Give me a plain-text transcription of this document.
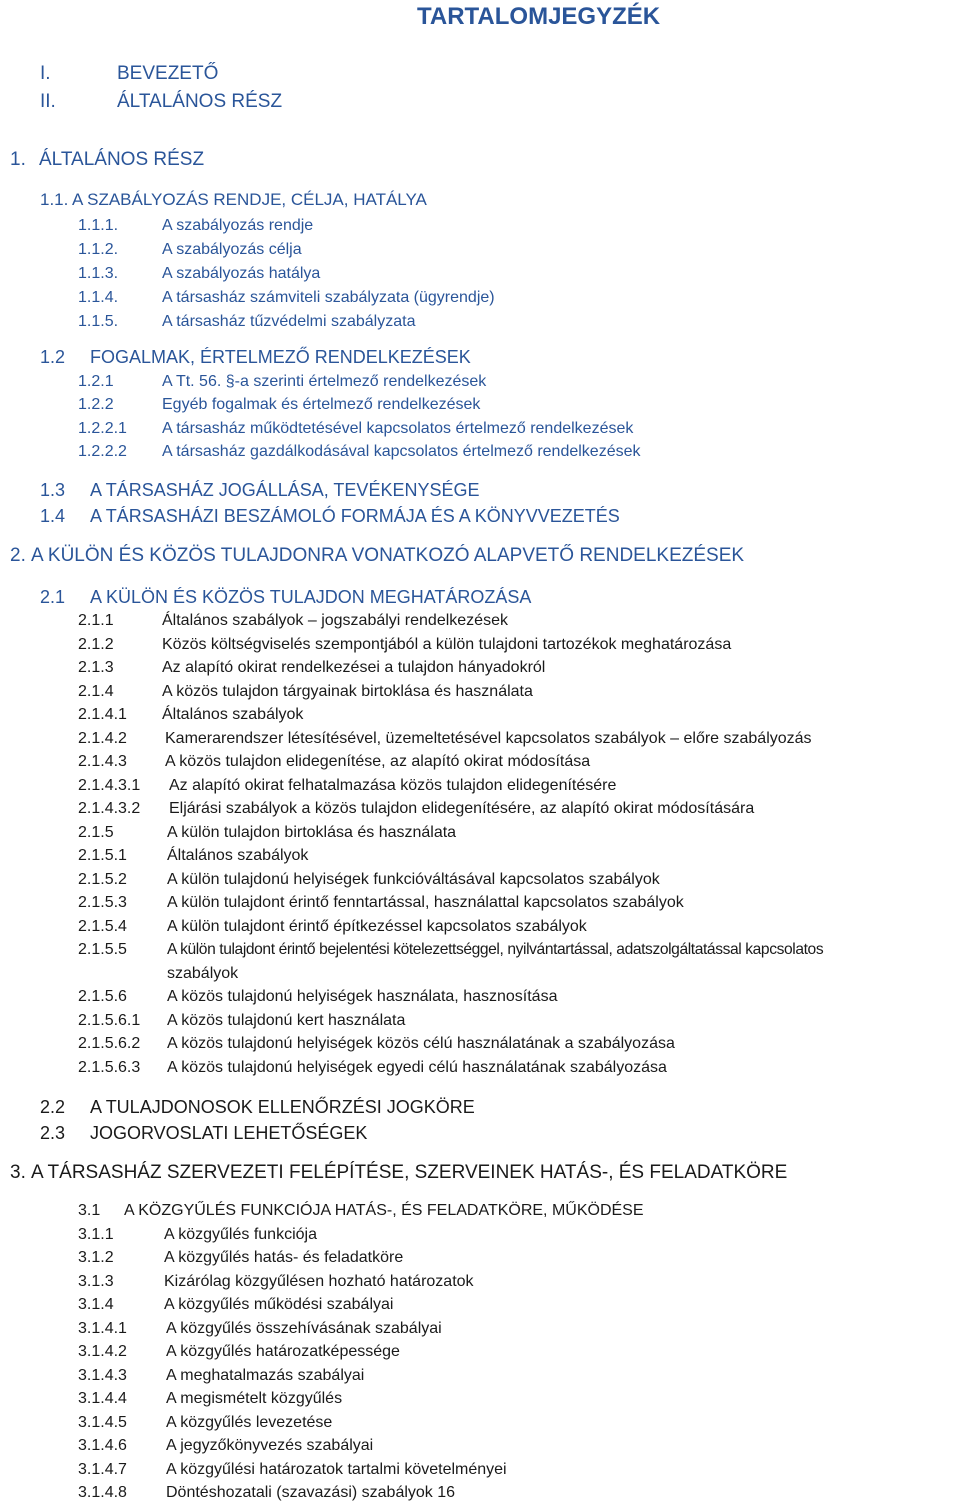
TARTALOMJEGYZÉK
I.	BEVEZETŐ
II.	ÁLTALÁNOS RÉSZ
1. ÁLTALÁNOS RÉSZ
1.1. A SZABÁLYOZÁS RENDJE, CÉLJA, HATÁLYA
1.1.1.	A szabályozás rendje
1.1.2.	A szabályozás célja
1.1.3.	A szabályozás hatálya
1.1.4.	A társasház számviteli szabályzata (ügyrendje)
1.1.5.	A társasház tűzvédelmi szabályzata
1.2 FOGALMAK, ÉRTELMEZŐ RENDELKEZÉSEK
1.2.1	A Tt. 56. §-a szerinti értelmező rendelkezések
1.2.2	Egyéb fogalmak és értelmező rendelkezések
1.2.2.1 A társasház működtetésével kapcsolatos értelmező rendelkezések
1.2.2.2 A társasház gazdálkodásával kapcsolatos értelmező rendelkezések
1.3 A TÁRSASHÁZ JOGÁLLÁSA, TEVÉKENYSÉGE
1.4 A TÁRSASHÁZI BESZÁMOLÓ FORMÁJA ÉS A KÖNYVVEZETÉS
2. A KÜLÖN ÉS KÖZÖS TULAJDONRA VONATKOZÓ ALAPVETŐ RENDELKEZÉSEK
2.1 A KÜLÖN ÉS KÖZÖS TULAJDON MEGHATÁROZÁSA
2.1.1	Általános szabályok – jogszabályi rendelkezések
2.1.2	Közös költségviselés szempontjából a külön tulajdoni tartozékok meghatározása
2.1.3	Az alapító okirat rendelkezései a tulajdon hányadokról
2.1.4	A közös tulajdon tárgyainak birtoklása és használata
2.1.4.1 Általános szabályok
2.1.4.2 Kamerarendszer létesítésével, üzemeltetésével kapcsolatos szabályok – előre szabályozás
2.1.4.3 A közös tulajdon elidegenítése, az alapító okirat módosítása
2.1.4.3.1 Az alapító okirat felhatalmazása közös tulajdon elidegenítésére
2.1.4.3.2 Eljárási szabályok a közös tulajdon elidegenítésére, az alapító okirat módosítására
2.1.5	A külön tulajdon birtoklása és használata
2.1.5.1	Általános szabályok
2.1.5.2	A külön tulajdonú helyiségek funkcióváltásával kapcsolatos szabályok
2.1.5.3	A külön tulajdont érintő fenntartással, használattal kapcsolatos szabályok
2.1.5.4	A külön tulajdont érintő építkezéssel kapcsolatos szabályok
2.1.5.5	A külön tulajdont érintő bejelentési kötelezettséggel, nyilvántartással, adatszolgáltatással kapcsolatos
szabályok
2.1.5.6	A közös tulajdonú helyiségek használata, hasznosítása
2.1.5.6.1 A közös tulajdonú kert használata
2.1.5.6.2 A közös tulajdonú helyiségek közös célú használatának a szabályozása
2.1.5.6.3 A közös tulajdonú helyiségek egyedi célú használatának szabályozása
2.2 A TULAJDONOSOK ELLENŐRZÉSI JOGKÖRE
2.3 JOGORVOSLATI LEHETŐSÉGEK
3. A TÁRSASHÁZ SZERVEZETI FELÉPÍTÉSE, SZERVEINEK HATÁS-, ÉS FELADATKÖRE
3.1 A KÖZGYŰLÉS FUNKCIÓJA HATÁS-, ÉS FELADATKÖRE, MŰKÖDÉSE
3.1.1	A közgyűlés funkciója
3.1.2	A közgyűlés hatás- és feladatköre
3.1.3	Kizárólag közgyűlésen hozható határozatok
3.1.4	A közgyűlés működési szabályai
3.1.4.1 A közgyűlés összehívásának szabályai
3.1.4.2 A közgyűlés határozatképessége
3.1.4.3 A meghatalmazás szabályai
3.1.4.4 A megismételt közgyűlés
3.1.4.5 A közgyűlés levezetése
3.1.4.6 A jegyzőkönyvezés szabályai
3.1.4.7 A közgyűlési határozatok tartalmi követelményei
3.1.4.8 Döntéshozatali (szavazási) szabályok 16
